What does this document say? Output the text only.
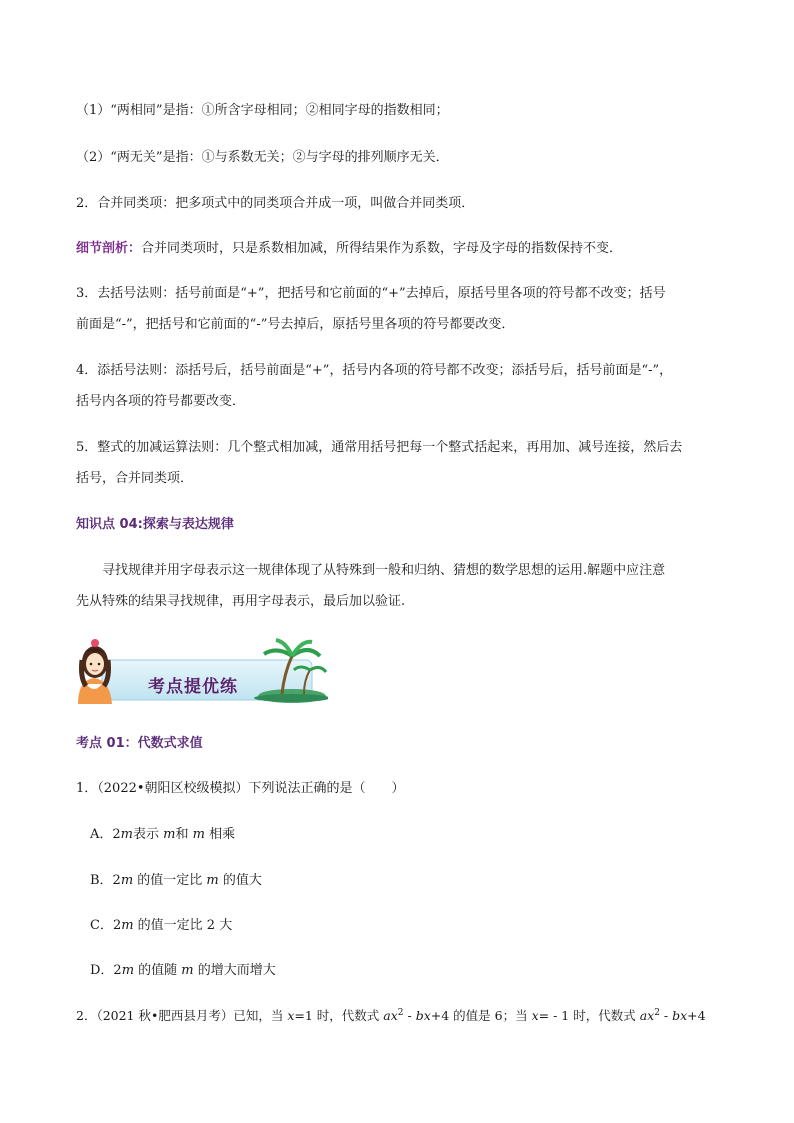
（1）“两相同”是指：①所含字母相同；②相同字母的指数相同；
（2）“两无关”是指：①与系数无关；②与字母的排列顺序无关．
2．合并同类项：把多项式中的同类项合并成一项，叫做合并同类项．
细节剖析：合并同类项时，只是系数相加减，所得结果作为系数，字母及字母的指数保持不变．
3．去括号法则：括号前面是“+”，把括号和它前面的“+”去掉后，原括号里各项的符号都不改变；括号
前面是“-”，把括号和它前面的“-”号去掉后，原括号里各项的符号都要改变．
4．添括号法则：添括号后，括号前面是“+”，括号内各项的符号都不改变；添括号后，括号前面是“-”，
括号内各项的符号都要改变．
5．整式的加减运算法则：几个整式相加减，通常用括号把每一个整式括起来，再用加、减号连接，然后去
括号，合并同类项．
知识点 04:探索与表达规律
寻找规律并用字母表示这一规律体现了从特殊到一般和归纳、猜想的数学思想的运用.解题中应注意
先从特殊的结果寻找规律，再用字母表示，最后加以验证.
考点提优练
考点 01：代数式求值
1．（2022•朝阳区校级模拟）下列说法正确的是（　　）
A．2m表示 m和 m 相乘
B．2m 的值一定比 m 的值大
C．2m 的值一定比 2 大
D．2m 的值随 m 的增大而增大
2．（2021 秋•肥西县月考）已知，当 x=1 时，代数式 $ax^2 - bx+4$ 的值是 6；当 x= - 1 时，代数式 $ax^2 - bx+4$
